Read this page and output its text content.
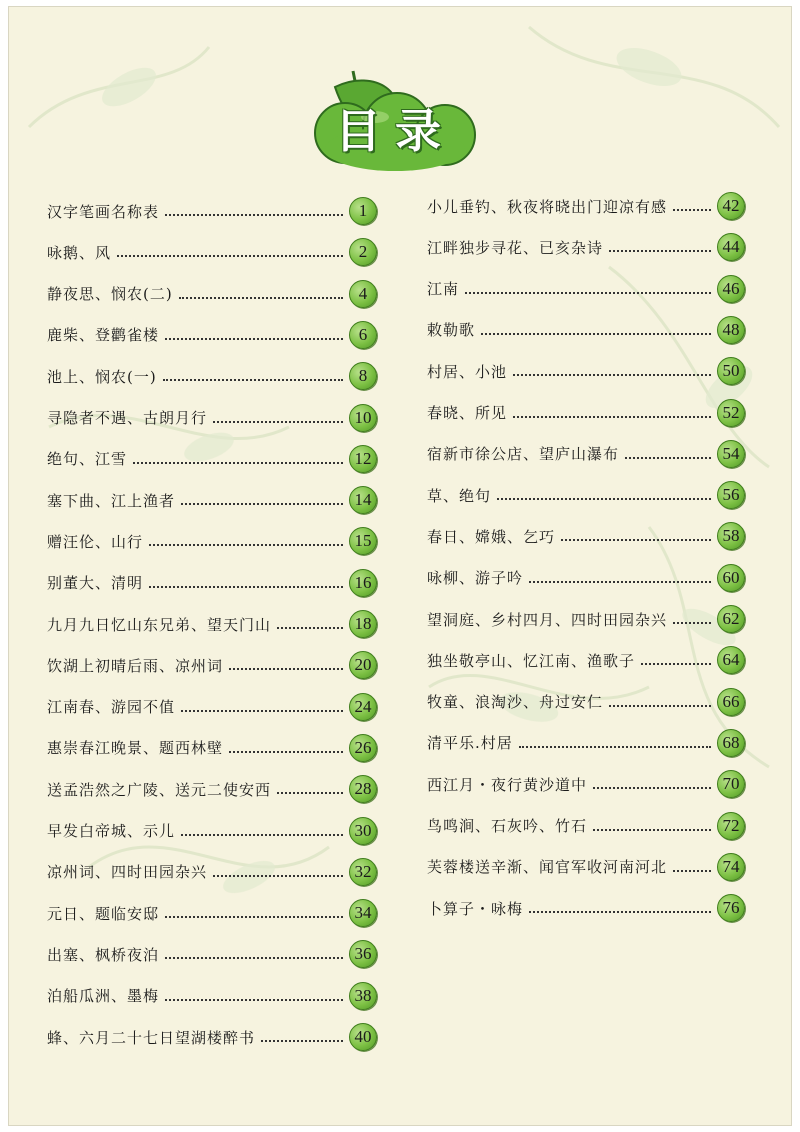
目录
汉字笔画名称表	1
咏鹅、风	2
静夜思、悯农(二)	4
鹿柴、登鹳雀楼	6
池上、悯农(一)	8
寻隐者不遇、古朗月行	10
绝句、江雪	12
塞下曲、江上渔者	14
赠汪伦、山行	15
别董大、清明	16
九月九日忆山东兄弟、望天门山	18
饮湖上初晴后雨、凉州词	20
江南春、游园不值	24
惠崇春江晚景、题西林壁	26
送孟浩然之广陵、送元二使安西	28
早发白帝城、示儿	30
凉州词、四时田园杂兴	32
元日、题临安邸	34
出塞、枫桥夜泊	36
泊船瓜洲、墨梅	38
蜂、六月二十七日望湖楼醉书	40
小儿垂钓、秋夜将晓出门迎凉有感	42
江畔独步寻花、已亥杂诗	44
江南	46
敕勒歌	48
村居、小池	50
春晓、所见	52
宿新市徐公店、望庐山瀑布	54
草、绝句	56
春日、嫦娥、乞巧	58
咏柳、游子吟	60
望洞庭、乡村四月、四时田园杂兴	62
独坐敬亭山、忆江南、渔歌子	64
牧童、浪淘沙、舟过安仁	66
清平乐.村居	68
西江月・夜行黄沙道中	70
鸟鸣涧、石灰吟、竹石	72
芙蓉楼送辛渐、闻官军收河南河北	74
卜算子・咏梅	76
